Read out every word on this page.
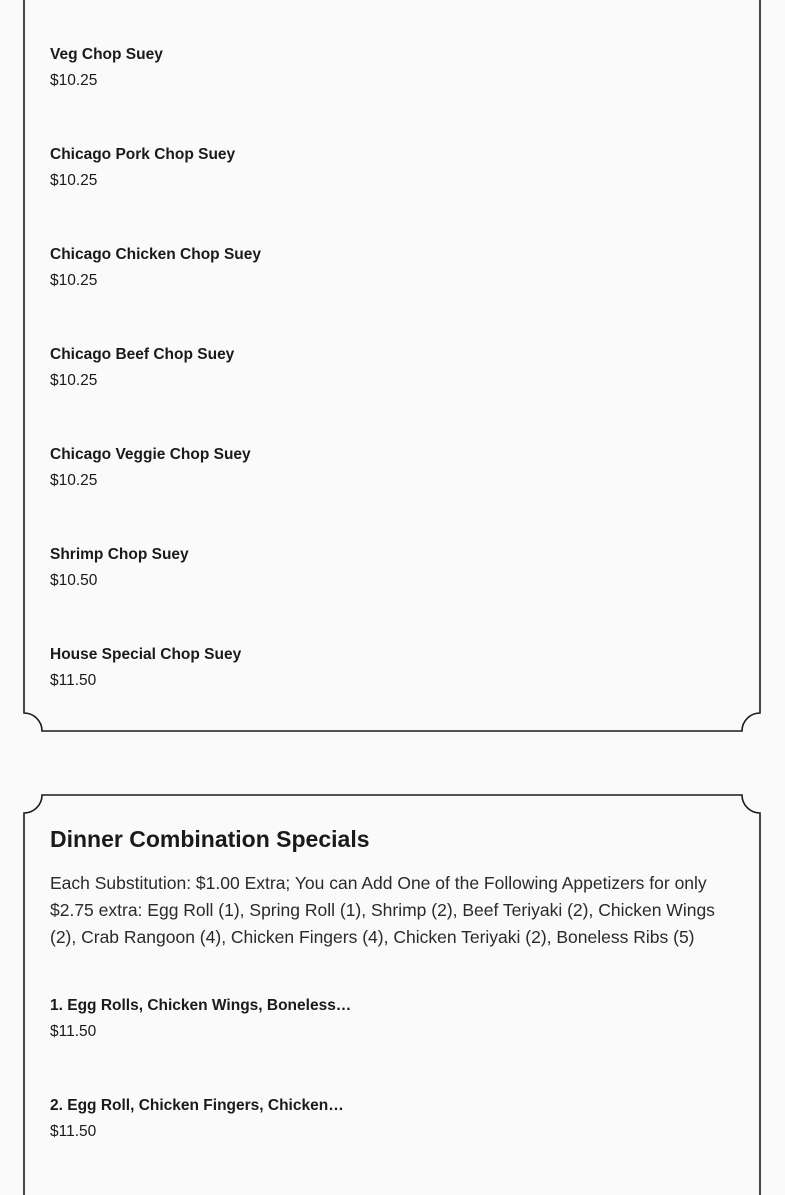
Veg Chop Suey
$10.25
Chicago Pork Chop Suey
$10.25
Chicago Chicken Chop Suey
$10.25
Chicago Beef Chop Suey
$10.25
Chicago Veggie Chop Suey
$10.25
Shrimp Chop Suey
$10.50
House Special Chop Suey
$11.50
Dinner Combination Specials

Each Substitution: $1.00 Extra; You can Add One of the Following Appetizers for only $2.75 extra: Egg Roll (1), Spring Roll (1), Shrimp (2), Beef Teriyaki (2), Chicken Wings (2), Crab Rangoon (4), Chicken Fingers (4), Chicken Teriyaki (2), Boneless Ribs (5)

1. Egg Rolls, Chicken Wings, Boneless…
$11.50
2. Egg Roll, Chicken Fingers, Chicken…
$11.50
